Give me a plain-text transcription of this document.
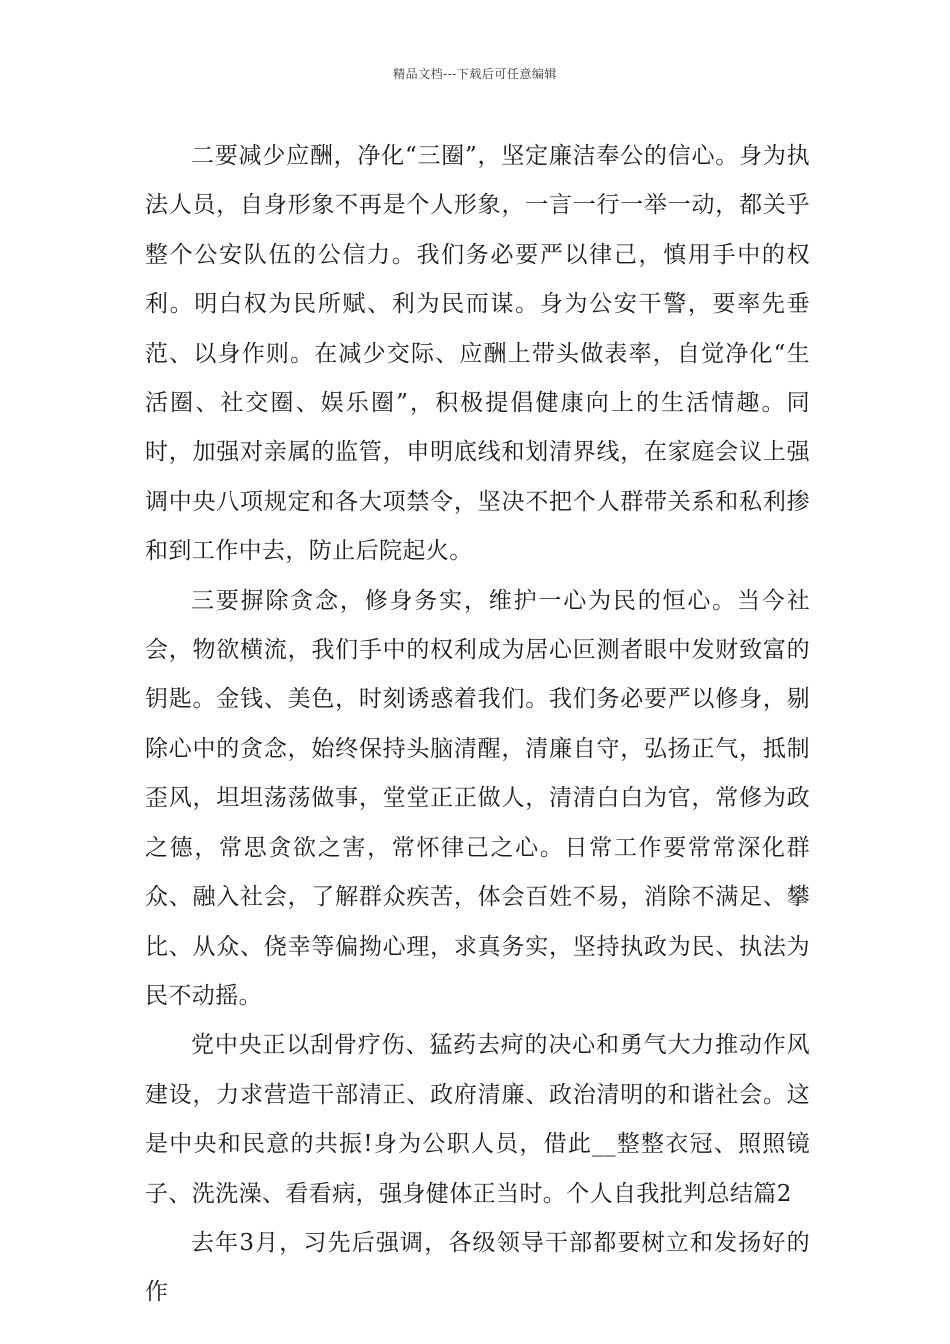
精品文档---下载后可任意编辑

二要减少应酬，净化“三圈”，坚定廉洁奉公的信心。身为执法人员，自身形象不再是个人形象，一言一行一举一动，都关乎整个公安队伍的公信力。我们务必要严以律己，慎用手中的权利。明白权为民所赋、利为民而谋。身为公安干警，要率先垂范、以身作则。在减少交际、应酬上带头做表率，自觉净化“生活圈、社交圈、娱乐圈”，积极提倡健康向上的生活情趣。同时，加强对亲属的监管，申明底线和划清界线，在家庭会议上强调中央八项规定和各大项禁令，坚决不把个人群带关系和私利掺和到工作中去，防止后院起火。

三要摒除贪念，修身务实，维护一心为民的恒心。当今社会，物欲横流，我们手中的权利成为居心叵测者眼中发财致富的钥匙。金钱、美色，时刻诱惑着我们。我们务必要严以修身，剔除心中的贪念，始终保持头脑清醒，清廉自守，弘扬正气，抵制歪风，坦坦荡荡做事，堂堂正正做人，清清白白为官，常修为政之德，常思贪欲之害，常怀律己之心。日常工作要常常深化群众、融入社会，了解群众疾苦，体会百姓不易，消除不满足、攀比、从众、侥幸等偏拗心理，求真务实，坚持执政为民、执法为民不动摇。

党中央正以刮骨疗伤、猛药去疴的决心和勇气大力推动作风建设，力求营造干部清正、政府清廉、政治清明的和谐社会。这是中央和民意的共振!身为公职人员，借此__整整衣冠、照照镜子、洗洗澡、看看病，强身健体正当时。个人自我批判总结篇2

去年3月，习先后强调，各级领导干部都要树立和发扬好的作
